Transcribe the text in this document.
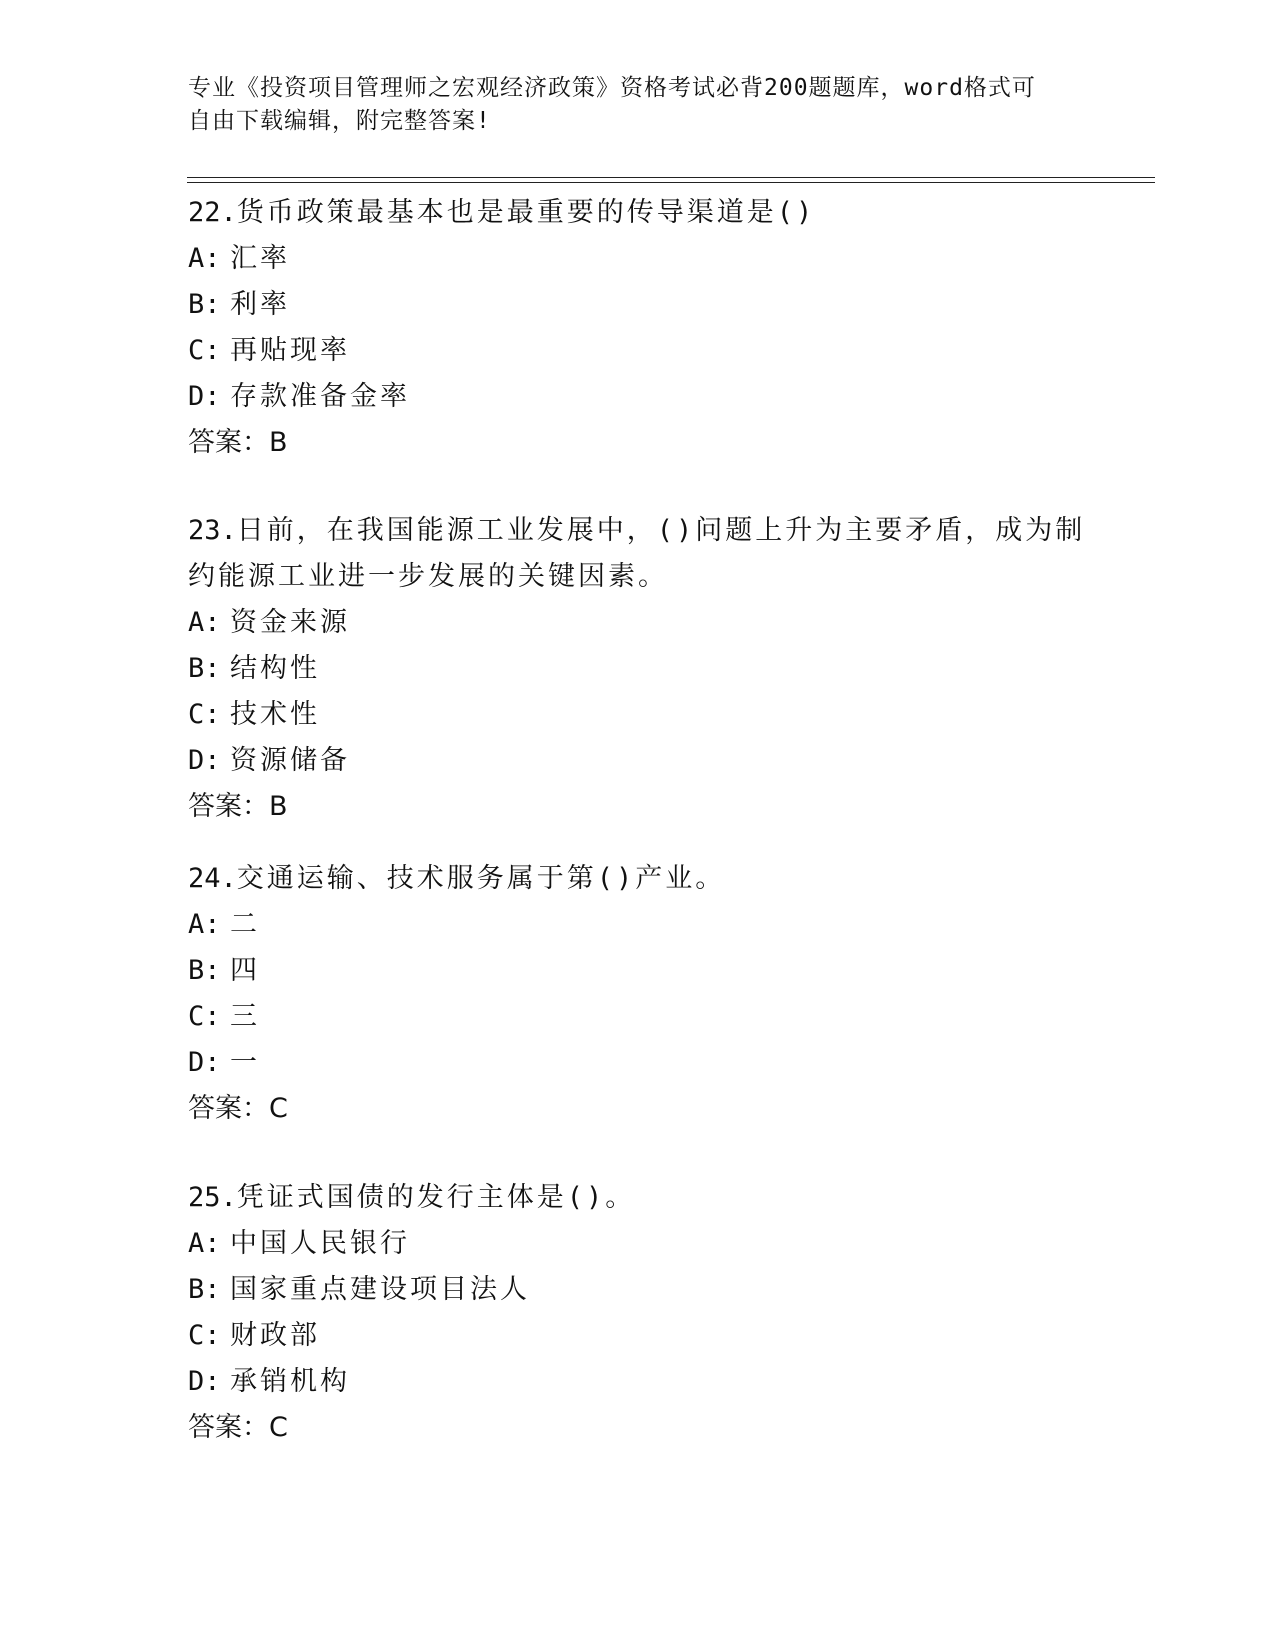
专业《投资项目管理师之宏观经济政策》资格考试必背200题题库，word格式可
自由下载编辑，附完整答案!
22.货币政策最基本也是最重要的传导渠道是()
A: 汇率
B: 利率
C: 再贴现率
D: 存款准备金率
答案：B
23.日前，在我国能源工业发展中，()问题上升为主要矛盾，成为制约能源工业进一步发展的关键因素。
A: 资金来源
B: 结构性
C: 技术性
D: 资源储备
答案：B
24.交通运输、技术服务属于第()产业。
A: 二
B: 四
C: 三
D: 一
答案：C
25.凭证式国债的发行主体是()。
A: 中国人民银行
B: 国家重点建设项目法人
C: 财政部
D: 承销机构
答案：C
